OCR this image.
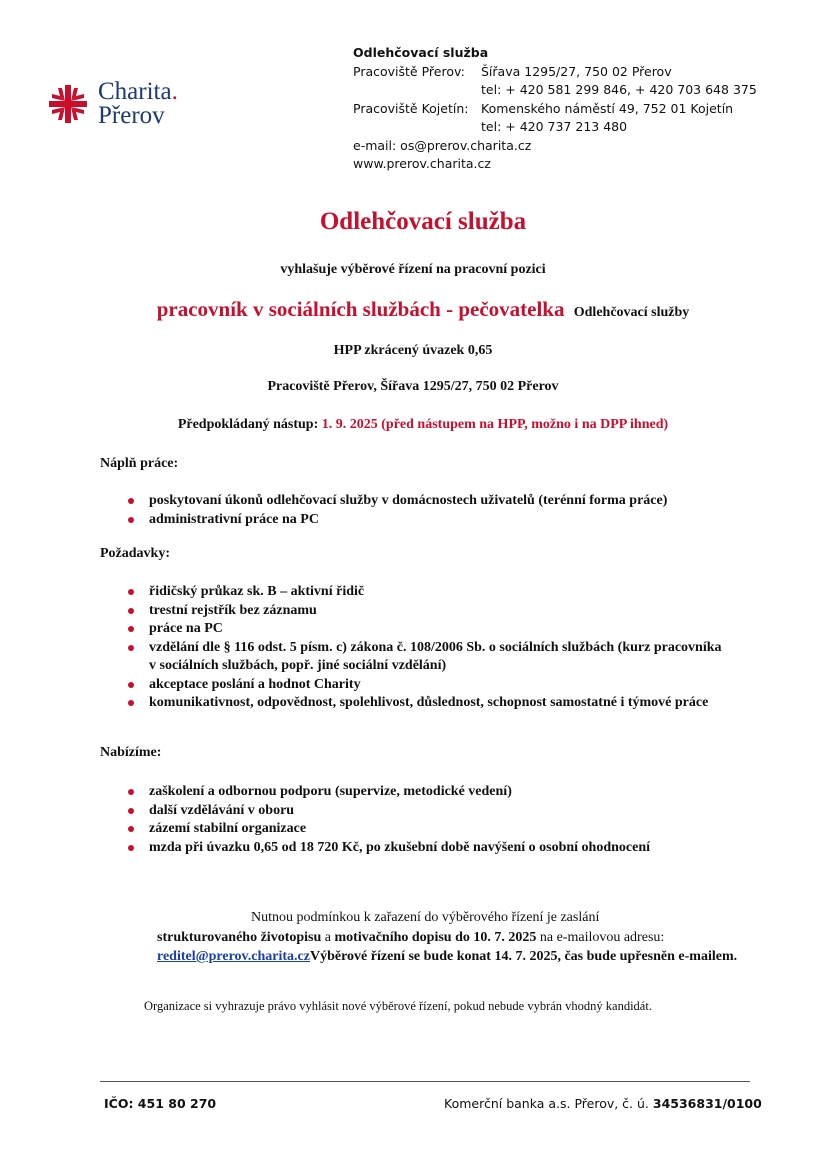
Charita.
Přerov
Odlehčovací služba
Pracoviště Přerov:	Šířava 1295/27, 750 02 Přerov
tel: + 420 581 299 846, + 420 703 648 375
Pracoviště Kojetín:	Komenského náměstí 49, 752 01 Kojetín
tel: + 420 737 213 480
e-mail: os@prerov.charita.cz
www.prerov.charita.cz
Odlehčovací služba
vyhlašuje výběrové řízení na pracovní pozici
pracovník v sociálních službách - pečovatelka Odlehčovací služby
HPP zkrácený úvazek 0,65
Pracoviště Přerov, Šířava 1295/27, 750 02 Přerov
Předpokládaný nástup: 1. 9. 2025 (před nástupem na HPP, možno i na DPP ihned)
Náplň práce:
poskytovaní úkonů odlehčovací služby v domácnostech uživatelů (terénní forma práce)
administrativní práce na PC
Požadavky:
řidičský průkaz sk. B – aktivní řidič
trestní rejstřík bez záznamu
práce na PC
vzdělání dle § 116 odst. 5 písm. c) zákona č. 108/2006 Sb. o sociálních službách (kurz pracovníka v sociálních službách, popř. jiné sociální vzdělání)
akceptace poslání a hodnot Charity
komunikativnost, odpovědnost, spolehlivost, důslednost, schopnost samostatné i týmové práce
Nabízíme:
zaškolení a odbornou podporu (supervize, metodické vedení)
další vzdělávání v oboru
zázemí stabilní organizace
mzda při úvazku 0,65 od 18 720 Kč, po zkušební době navýšení o osobní ohodnocení
Nutnou podmínkou k zařazení do výběrového řízení je zaslání
strukturovaného životopisu a motivačního dopisu do 10. 7. 2025 na e-mailovou adresu: reditel@prerov.charita.czVýběrové řízení se bude konat 14. 7. 2025, čas bude upřesněn e-mailem.
Organizace si vyhrazuje právo vyhlásit nové výběrové řízení, pokud nebude vybrán vhodný kandidát.
IČO: 451 80 270	Komerční banka a.s. Přerov, č. ú. 34536831/0100
